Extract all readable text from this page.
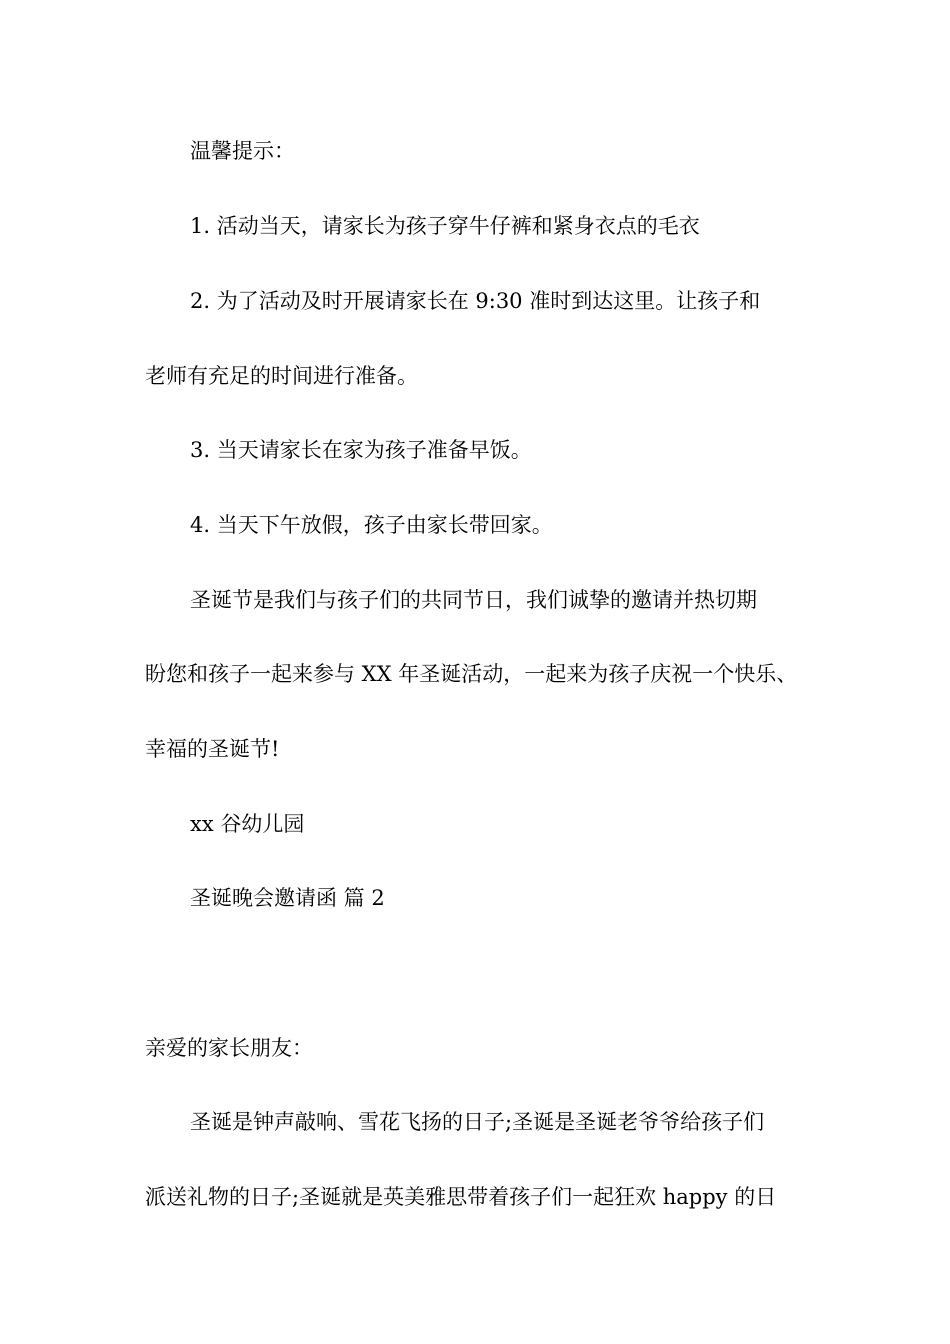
温馨提示：
1. 活动当天，请家长为孩子穿牛仔裤和紧身衣点的毛衣
2. 为了活动及时开展请家长在 9:30 准时到达这里。让孩子和
老师有充足的时间进行准备。
3. 当天请家长在家为孩子准备早饭。
4. 当天下午放假，孩子由家长带回家。
圣诞节是我们与孩子们的共同节日，我们诚挚的邀请并热切期
盼您和孩子一起来参与 XX 年圣诞活动，一起来为孩子庆祝一个快乐、
幸福的圣诞节!
xx 谷幼儿园
圣诞晚会邀请函 篇 2
亲爱的家长朋友：
圣诞是钟声敲响、雪花飞扬的日子;圣诞是圣诞老爷爷给孩子们
派送礼物的日子;圣诞就是英美雅思带着孩子们一起狂欢 happy 的日
